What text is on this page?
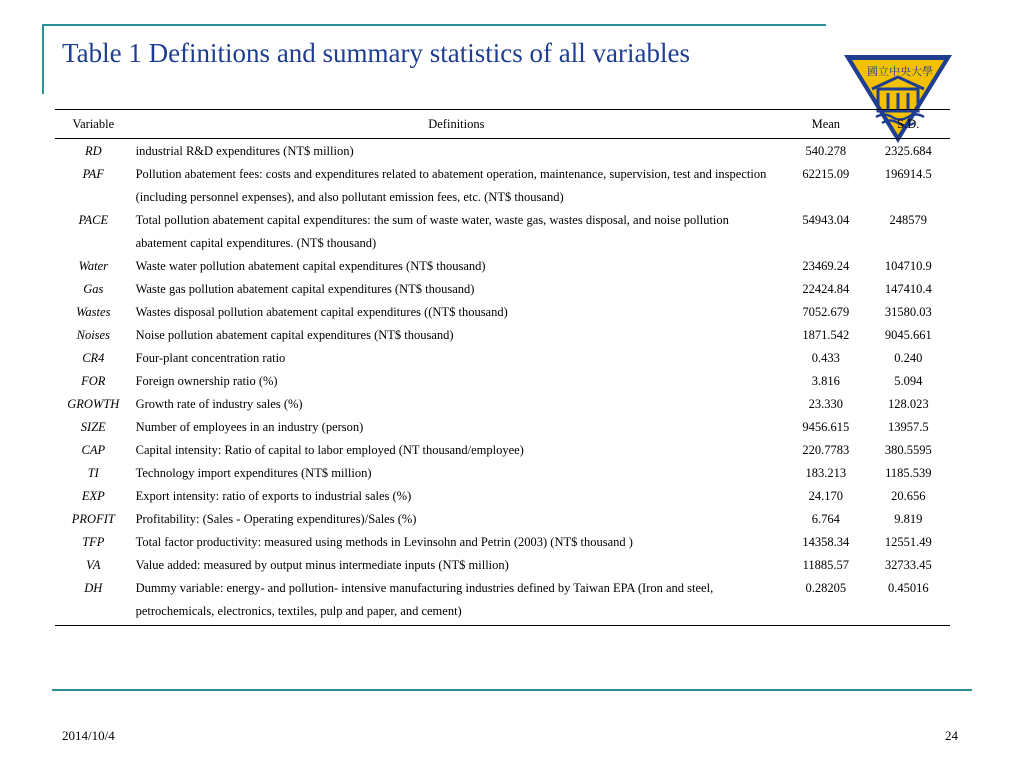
Table 1 Definitions and summary statistics of all variables
國立中央大學
Variable	Definitions	Mean	S.D.
RD	industrial R&D expenditures (NT$ million)	540.278	2325.684
PAF	Pollution abatement fees: costs and expenditures related to abatement operation, maintenance, supervision, test and inspection (including personnel expenses), and also pollutant emission fees, etc. (NT$ thousand)	62215.09	196914.5
PACE	Total pollution abatement capital expenditures: the sum of waste water, waste gas, wastes disposal, and noise pollution abatement capital expenditures. (NT$ thousand)	54943.04	248579
Water	Waste water pollution abatement capital expenditures (NT$ thousand)	23469.24	104710.9
Gas	Waste gas pollution abatement capital expenditures (NT$ thousand)	22424.84	147410.4
Wastes	Wastes disposal pollution abatement capital expenditures ((NT$ thousand)	7052.679	31580.03
Noises	Noise pollution abatement capital expenditures (NT$ thousand)	1871.542	9045.661
CR4	Four-plant concentration ratio	0.433	0.240
FOR	Foreign ownership ratio (%)	3.816	5.094
GROWTH	Growth rate of industry sales (%)	23.330	128.023
SIZE	Number of employees in an industry (person)	9456.615	13957.5
CAP	Capital intensity: Ratio of capital to labor employed (NT thousand/employee)	220.7783	380.5595
TI	Technology import expenditures (NT$ million)	183.213	1185.539
EXP	Export intensity: ratio of exports to industrial sales (%)	24.170	20.656
PROFIT	Profitability: (Sales - Operating expenditures)/Sales (%)	6.764	9.819
TFP	Total factor productivity: measured using methods in Levinsohn and Petrin (2003) (NT$ thousand )	14358.34	12551.49
VA	Value added: measured by output minus intermediate inputs (NT$ million)	11885.57	32733.45
DH	Dummy variable: energy- and pollution- intensive manufacturing industries defined by Taiwan EPA (Iron and steel, petrochemicals, electronics, textiles, pulp and paper, and cement)	0.28205	0.45016
2014/10/4	24
